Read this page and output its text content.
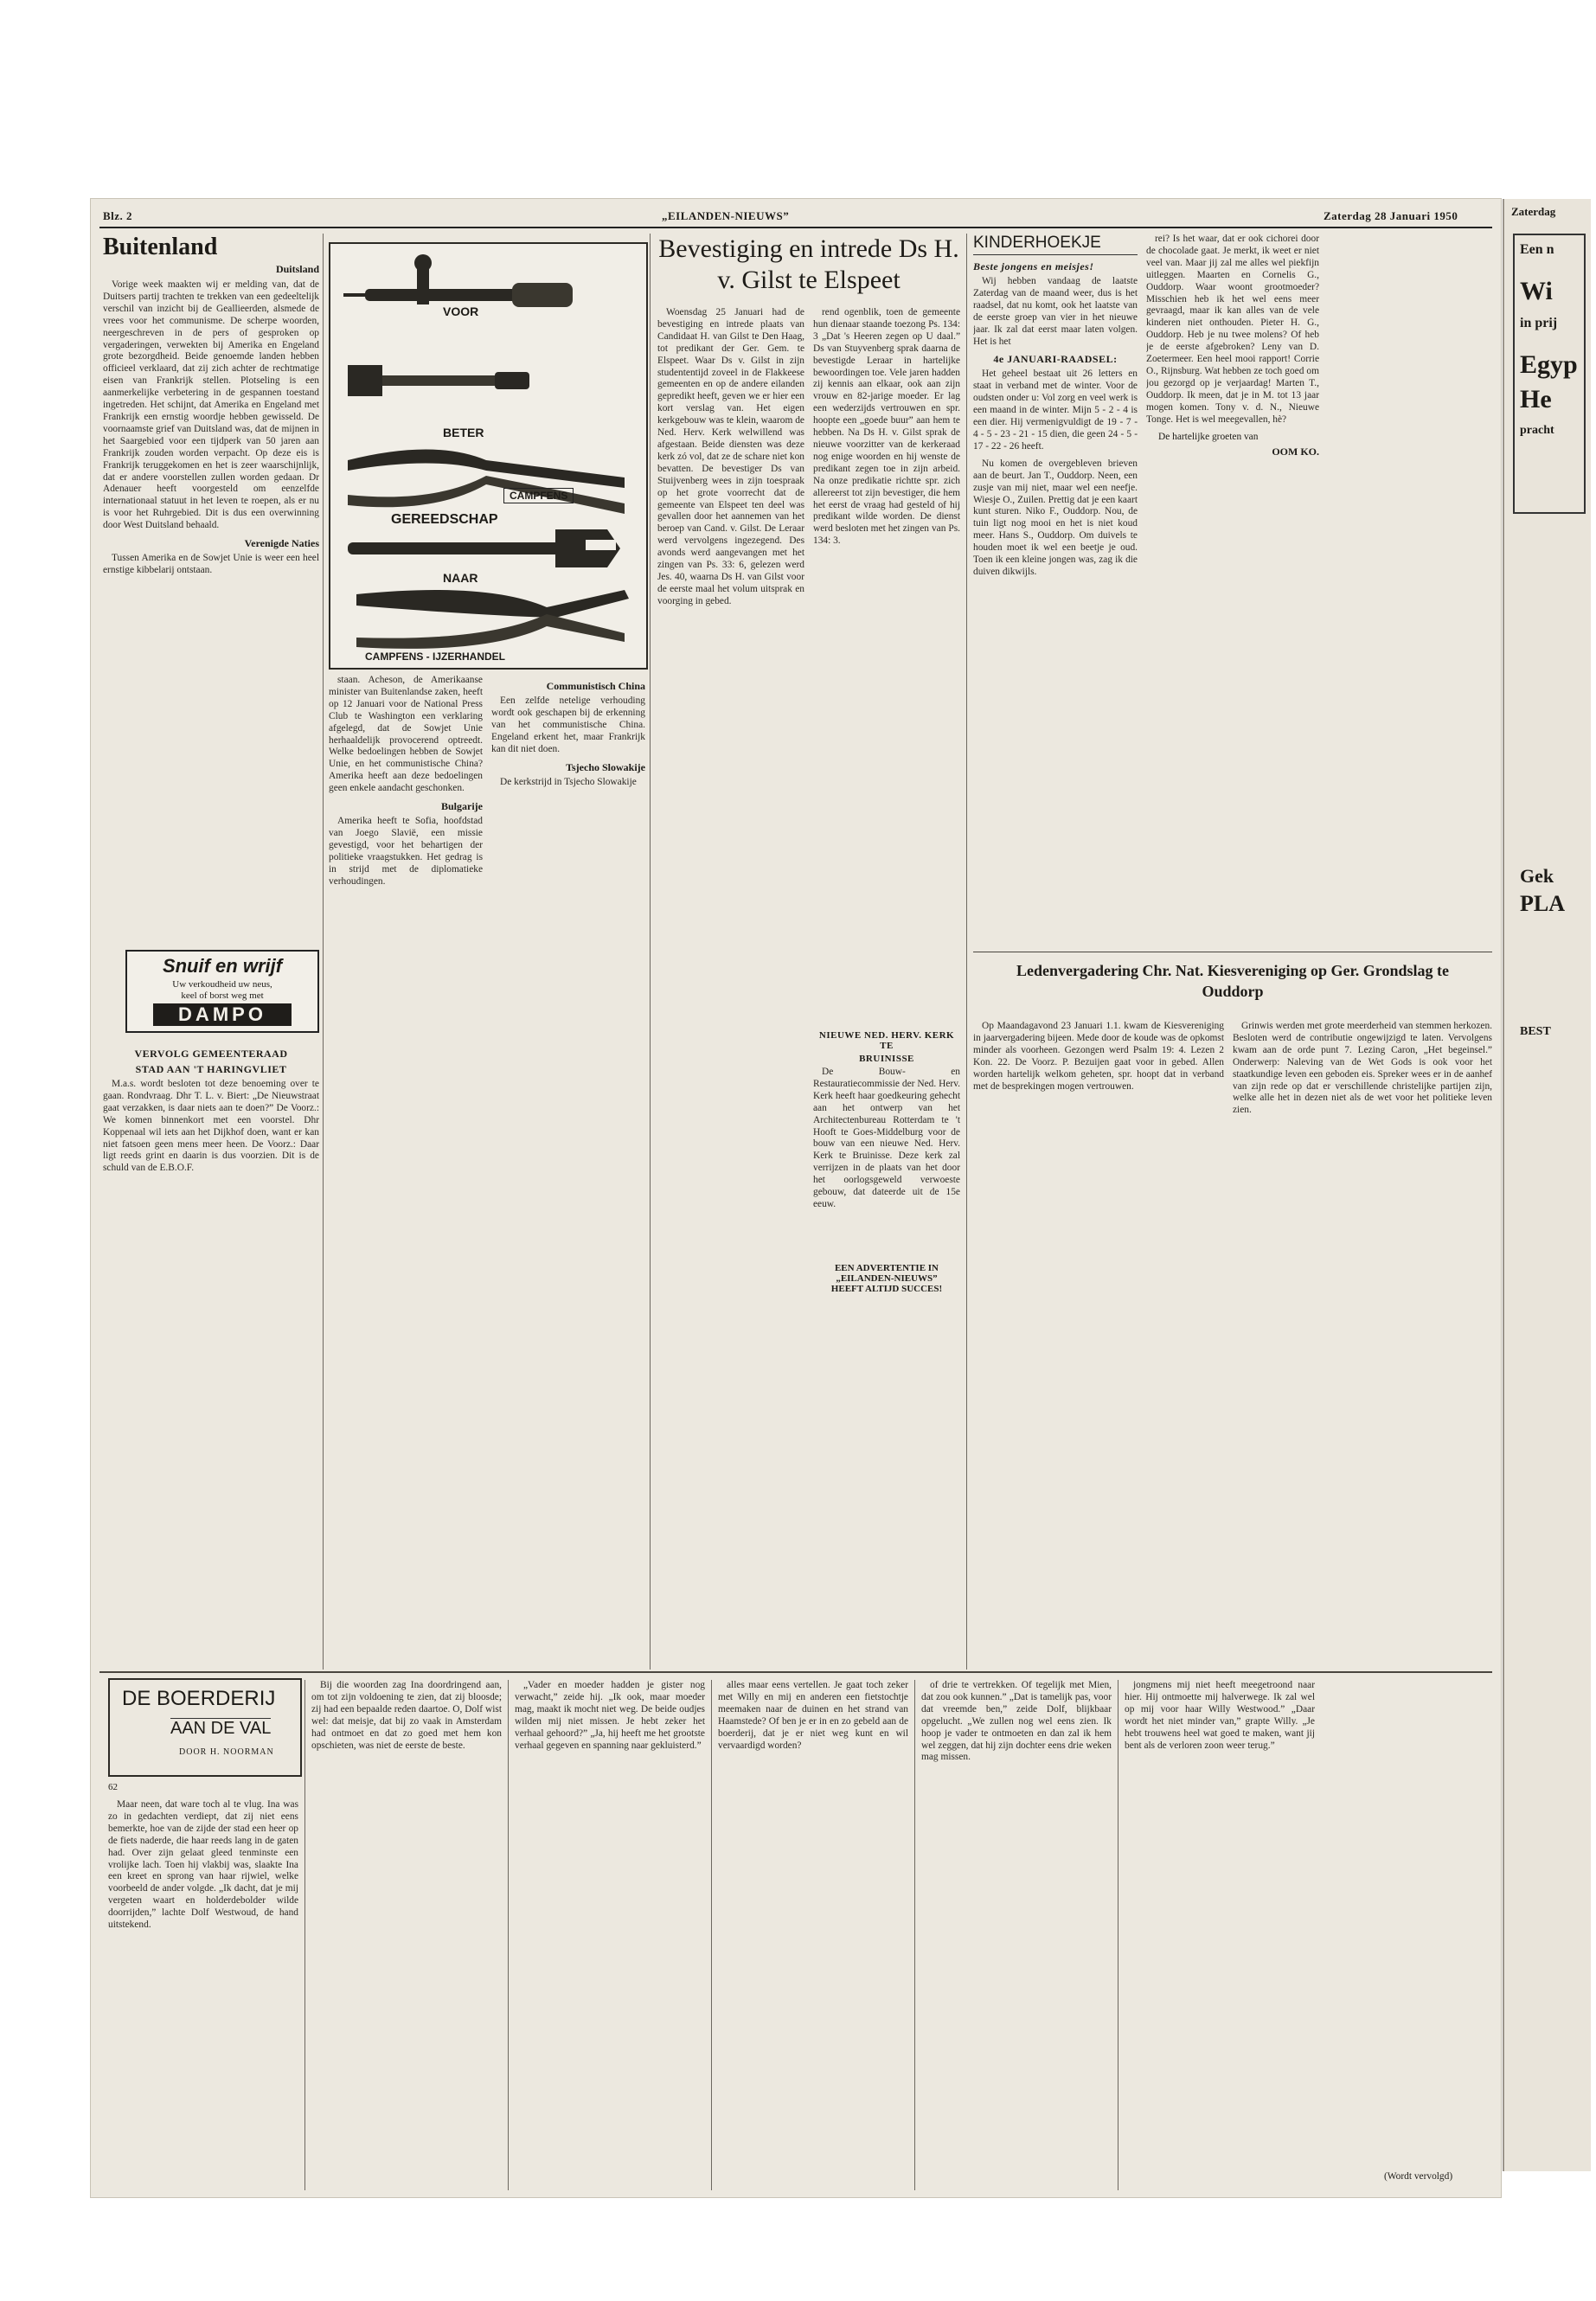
Blz. 2	„EILANDEN-NIEUWS”	Zaterdag 28 Januari 1950
Buitenland
Duitsland
Vorige week maakten wij er melding van, dat de Duitsers partij trachten te trekken van een gedeeltelijk verschil van inzicht bij de Geallieerden, alsmede de vrees voor het communisme. De scherpe woorden, neergeschreven in de pers of gesproken op vergaderingen, verwekten bij Amerika en Engeland grote bezorgdheid. Beide genoemde landen hebben officieel verklaard, dat zij zich achter de rechtmatige eisen van Frankrijk stellen. Plotseling is een aanmerkelijke verbetering in de gespannen toestand ingetreden. Het schijnt, dat Amerika en Engeland met Frankrijk een ernstig woordje hebben gewisseld. De voornaamste grief van Duitsland was, dat de mijnen in het Saargebied voor een tijdperk van 50 jaren aan Frankrijk zouden worden verpacht. Op deze eis is Frankrijk teruggekomen en het is zeer waarschijnlijk, dat er andere voorstellen zullen worden gedaan. Dr Adenauer heeft voorgesteld om eenzelfde internationaal statuut in het leven te roepen, als er nu is voor het Ruhrgebied. Dit is dus een overwinning door West Duitsland behaald.
Verenigde Naties
Tussen Amerika en de Sowjet Unie is weer een heel ernstige kibbelarij ontstaan.
Snuif en wrijf
Uw verkoudheid uw neus,
keel of borst weg met
DAMPO
VERVOLG GEMEENTERAAD
STAD AAN 'T HARINGVLIET
M.a.s. wordt besloten tot deze benoeming over te gaan. Rondvraag. Dhr T. L. v. Biert: „De Nieuwstraat gaat verzakken, is daar niets aan te doen?” De Voorz.: We komen binnenkort met een voorstel. Dhr Koppenaal wil iets aan het Dijkhof doen, want er kan niet fatsoen geen mens meer heen. De Voorz.: Daar ligt reeds grint en daarin is dus voorzien. Dit is de schuld van de E.B.O.F.
VOOR
BETER
CAMPFENS
GEREEDSCHAP
NAAR
CAMPFENS - IJZERHANDEL
staan. Acheson, de Amerikaanse minister van Buitenlandse zaken, heeft op 12 Januari voor de National Press Club te Washington een verklaring afgelegd, dat de Sowjet Unie herhaaldelijk provocerend optreedt. Welke bedoelingen hebben de Sowjet Unie, en het communistische China? Amerika heeft aan deze bedoelingen geen enkele aandacht geschonken.
Bulgarije
Amerika heeft te Sofia, hoofdstad van Joego Slavië, een missie gevestigd, voor het behartigen der politieke vraagstukken. Het gedrag is in strijd met de diplomatieke verhoudingen.
Communistisch China
Een zelfde netelige verhouding wordt ook geschapen bij de erkenning van het communistische China. Engeland erkent het, maar Frankrijk kan dit niet doen.
Tsjecho Slowakije
De kerkstrijd in Tsjecho Slowakije
Bevestiging en intrede Ds H. v. Gilst te Elspeet
Woensdag 25 Januari had de bevestiging en intrede plaats van Candidaat H. van Gilst te Den Haag, tot predikant der Ger. Gem. te Elspeet. Waar Ds v. Gilst in zijn studententijd zoveel in de Flakkeese gemeenten en op de andere eilanden gepredikt heeft, geven we er hier een kort verslag van. Het eigen kerkgebouw was te klein, waarom de Ned. Herv. Kerk welwillend was afgestaan. Beide diensten was deze kerk zó vol, dat ze de schare niet kon bevatten. De bevestiger Ds van Stuijvenberg wees in zijn toespraak op het grote voorrecht dat de gemeente van Elspeet ten deel was gevallen door het aannemen van het beroep van Cand. v. Gilst. De Leraar werd vervolgens ingezegend. Des avonds werd aangevangen met het zingen van Ps. 33: 6, gelezen werd Jes. 40, waarna Ds H. van Gilst voor de eerste maal het volum uitsprak en voorging in gebed.
rend ogenblik, toen de gemeente hun dienaar staande toezong Ps. 134: 3 „Dat 's Heeren zegen op U daal.” Ds van Stuyvenberg sprak daarna de bevestigde Leraar in hartelijke bewoordingen toe. Vele jaren hadden zij kennis aan elkaar, ook aan zijn vrouw en 82-jarige moeder. Er lag een wederzijds vertrouwen en spr. hoopte een „goede buur” aan hem te hebben. Na Ds H. v. Gilst sprak de nieuwe voorzitter van de kerkeraad nog enige woorden en hij wenste de predikant zegen toe in zijn arbeid. Na onze predikatie richtte spr. zich allereerst tot zijn bevestiger, die hem het eerst de vraag had gesteld of hij predikant wilde worden. De dienst werd besloten met het zingen van Ps. 134: 3.
NIEUWE NED. HERV. KERK TE
BRUINISSE
De Bouw- en Restauratiecommissie der Ned. Herv. Kerk heeft haar goedkeuring gehecht aan het ontwerp van het Architectenbureau Rotterdam te 't Hooft te Goes-Middelburg voor de bouw van een nieuwe Ned. Herv. Kerk te Bruinisse. Deze kerk zal verrijzen in de plaats van het door het oorlogsgeweld verwoeste gebouw, dat dateerde uit de 15e eeuw.
EEN ADVERTENTIE IN
„EILANDEN-NIEUWS”
HEEFT ALTIJD SUCCES!
KINDERHOEKJE
Beste jongens en meisjes!
Wij hebben vandaag de laatste Zaterdag van de maand weer, dus is het raadsel, dat nu komt, ook het laatste van de eerste groep van vier in het nieuwe jaar. Ik zal dat eerst maar laten volgen. Het is het
4e JANUARI-RAADSEL:
Het geheel bestaat uit 26 letters en staat in verband met de winter. Voor de oudsten onder u: Vol zorg en veel werk is een maand in de winter. Mijn 5 - 2 - 4 is een dier. Hij vermenigvuldigt de 19 - 7 - 4 - 5 - 23 - 21 - 15 dien, die geen 24 - 5 - 17 - 22 - 26 heeft.
Nu komen de overgebleven brieven aan de beurt. Jan T., Ouddorp. Neen, een zusje van mij niet, maar wel een neefje. Wiesje O., Zuilen. Prettig dat je een kaart kunt sturen. Niko F., Ouddorp. Nou, de tuin ligt nog mooi en het is niet koud meer. Hans S., Ouddorp. Om duivels te houden moet ik wel een beetje je oud. Toen ik een kleine jongen was, zag ik die duiven dikwijls.
rei? Is het waar, dat er ook cichorei door de chocolade gaat. Je merkt, ik weet er niet veel van. Maar jij zal me alles wel piekfijn uitleggen. Maarten en Cornelis G., Ouddorp. Waar woont grootmoeder? Misschien heb ik het wel eens meer gevraagd, maar ik kan alles van de vele kinderen niet onthouden. Pieter H. G., Ouddorp. Heb je nu twee molens? Of heb je de eerste afgebroken? Leny van D. Zoetermeer. Een heel mooi rapport! Corrie O., Rijnsburg. Wat hebben ze toch goed om jou gezorgd op je verjaardag! Marten T., Ouddorp. Ik meen, dat je in M. tot 13 jaar mogen komen. Tony v. d. N., Nieuwe Tonge. Het is wel meegevallen, hè?
De hartelijke groeten van
OOM KO.
Ledenvergadering Chr. Nat. Kiesvereniging op Ger. Grondslag te Ouddorp
Op Maandagavond 23 Januari 1.1. kwam de Kiesvereniging in jaarvergadering bijeen. Mede door de koude was de opkomst minder als voorheen. Gezongen werd Psalm 19: 4. Lezen 2 Kon. 22. De Voorz. P. Bezuijen gaat voor in gebed. Allen worden hartelijk welkom geheten, spr. hoopt dat in verband met de besprekingen mogen vertrouwen.
Grinwis werden met grote meerderheid van stemmen herkozen. Besloten werd de contributie ongewijzigd te laten. Vervolgens kwam aan de orde punt 7. Lezing Caron, „Het begeinsel.” Onderwerp: Naleving van de Wet Gods is ook voor het staatkundige leven een geboden eis. Spreker wees er in de aanhef van zijn rede op dat er verschillende christelijke partijen zijn, welke alle het in dezen niet als de wet voor het politieke leven zien.
DE BOERDERIJ
AAN DE VAL
DOOR H. NOORMAN
62
Maar neen, dat ware toch al te vlug. Ina was zo in gedachten verdiept, dat zij niet eens bemerkte, hoe van de zijde der stad een heer op de fiets naderde, die haar reeds lang in de gaten had. Over zijn gelaat gleed tenminste een vrolijke lach. Toen hij vlakbij was, slaakte Ina een kreet en sprong van haar rijwiel, welke voorbeeld de ander volgde. „Ik dacht, dat je mij vergeten waart en holderdebolder wilde doorrijden,” lachte Dolf Westwoud, de hand uitstekend.
Bij die woorden zag Ina doordringend aan, om tot zijn voldoening te zien, dat zij bloosde; zij had een bepaalde reden daartoe. O, Dolf wist wel: dat meisje, dat bij zo vaak in Amsterdam had ontmoet en dat zo goed met hem kon opschieten, was niet de eerste de beste.
„Vader en moeder hadden je gister nog verwacht,” zeide hij. „Ik ook, maar moeder mag, maakt ik mocht niet weg. De beide oudjes wilden mij niet missen. Je hebt zeker het verhaal gehoord?” „Ja, hij heeft me het grootste verhaal gegeven en spanning naar gekluisterd.”
alles maar eens vertellen. Je gaat toch zeker met Willy en mij en anderen een fietstochtje meemaken naar de duinen en het strand van Haamstede? Of ben je er in en zo gebeld aan de boerderij, dat je er niet weg kunt en wil vervaardigd worden?
of drie te vertrekken. Of tegelijk met Mien, dat zou ook kunnen.” „Dat is tamelijk pas, voor dat vreemde ben,” zeide Dolf, blijkbaar opgelucht. „We zullen nog wel eens zien. Ik hoop je vader te ontmoeten en dan zal ik hem wel zeggen, dat hij zijn dochter eens drie weken mag missen.
jongmens mij niet heeft meegetroond naar hier. Hij ontmoette mij halverwege. Ik zal wel op mij voor haar Willy Westwood.” „Daar wordt het niet minder van,” grapte Willy. „Je hebt trouwens heel wat goed te maken, want jij bent als de verloren zoon weer terug.”
(Wordt vervolgd)
Zaterdag
Een n
Wi
in prij
Egyp
He
pracht
Gek
PLA
BEST
